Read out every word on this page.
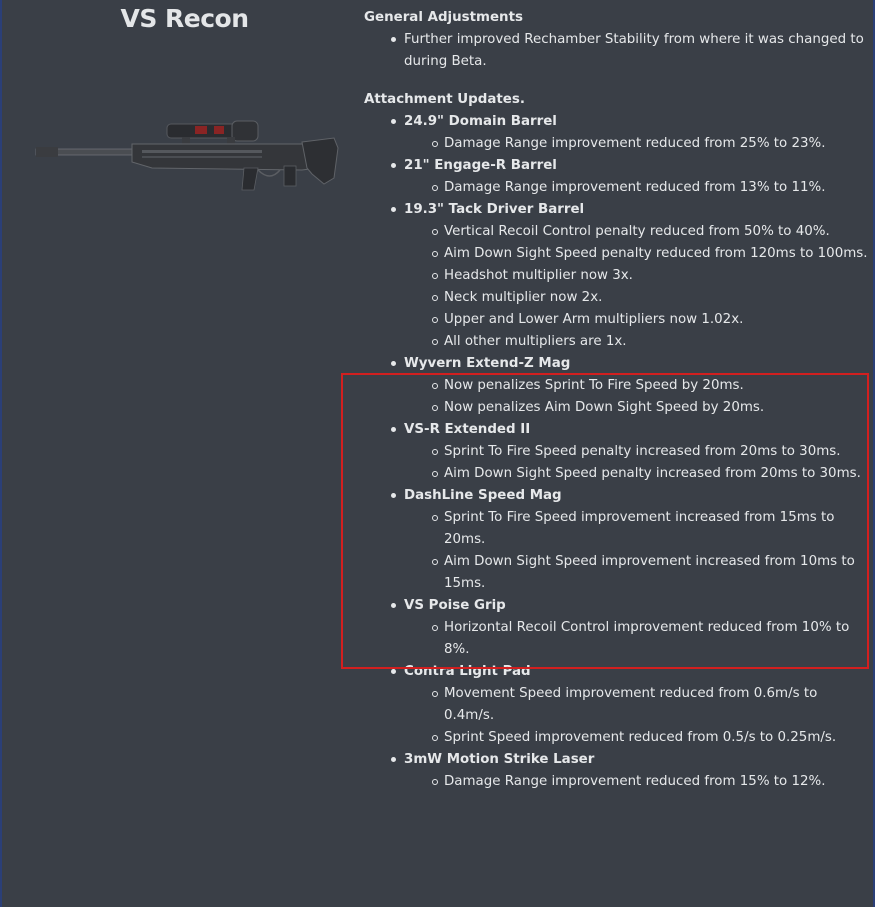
VS Recon	General Adjustments
Further improved Rechamber Stability from where it was changed to during Beta.
Attachment Updates.
24.9" Domain Barrel
Damage Range improvement reduced from 25% to 23%.
21" Engage-R Barrel
Damage Range improvement reduced from 13% to 11%.
19.3" Tack Driver Barrel
Vertical Recoil Control penalty reduced from 50% to 40%.
Aim Down Sight Speed penalty reduced from 120ms to 100ms.
Headshot multiplier now 3x.
Neck multiplier now 2x.
Upper and Lower Arm multipliers now 1.02x.
All other multipliers are 1x.
Wyvern Extend-Z Mag
Now penalizes Sprint To Fire Speed by 20ms.
Now penalizes Aim Down Sight Speed by 20ms.
VS-R Extended II
Sprint To Fire Speed penalty increased from 20ms to 30ms.
Aim Down Sight Speed penalty increased from 20ms to 30ms.
DashLine Speed Mag
Sprint To Fire Speed improvement increased from 15ms to 20ms.
Aim Down Sight Speed improvement increased from 10ms to 15ms.
VS Poise Grip
Horizontal Recoil Control improvement reduced from 10% to 8%.
Contra Light Pad
Movement Speed improvement reduced from 0.6m/s to 0.4m/s.
Sprint Speed improvement reduced from 0.5/s to 0.25m/s.
3mW Motion Strike Laser
Damage Range improvement reduced from 15% to 12%.
